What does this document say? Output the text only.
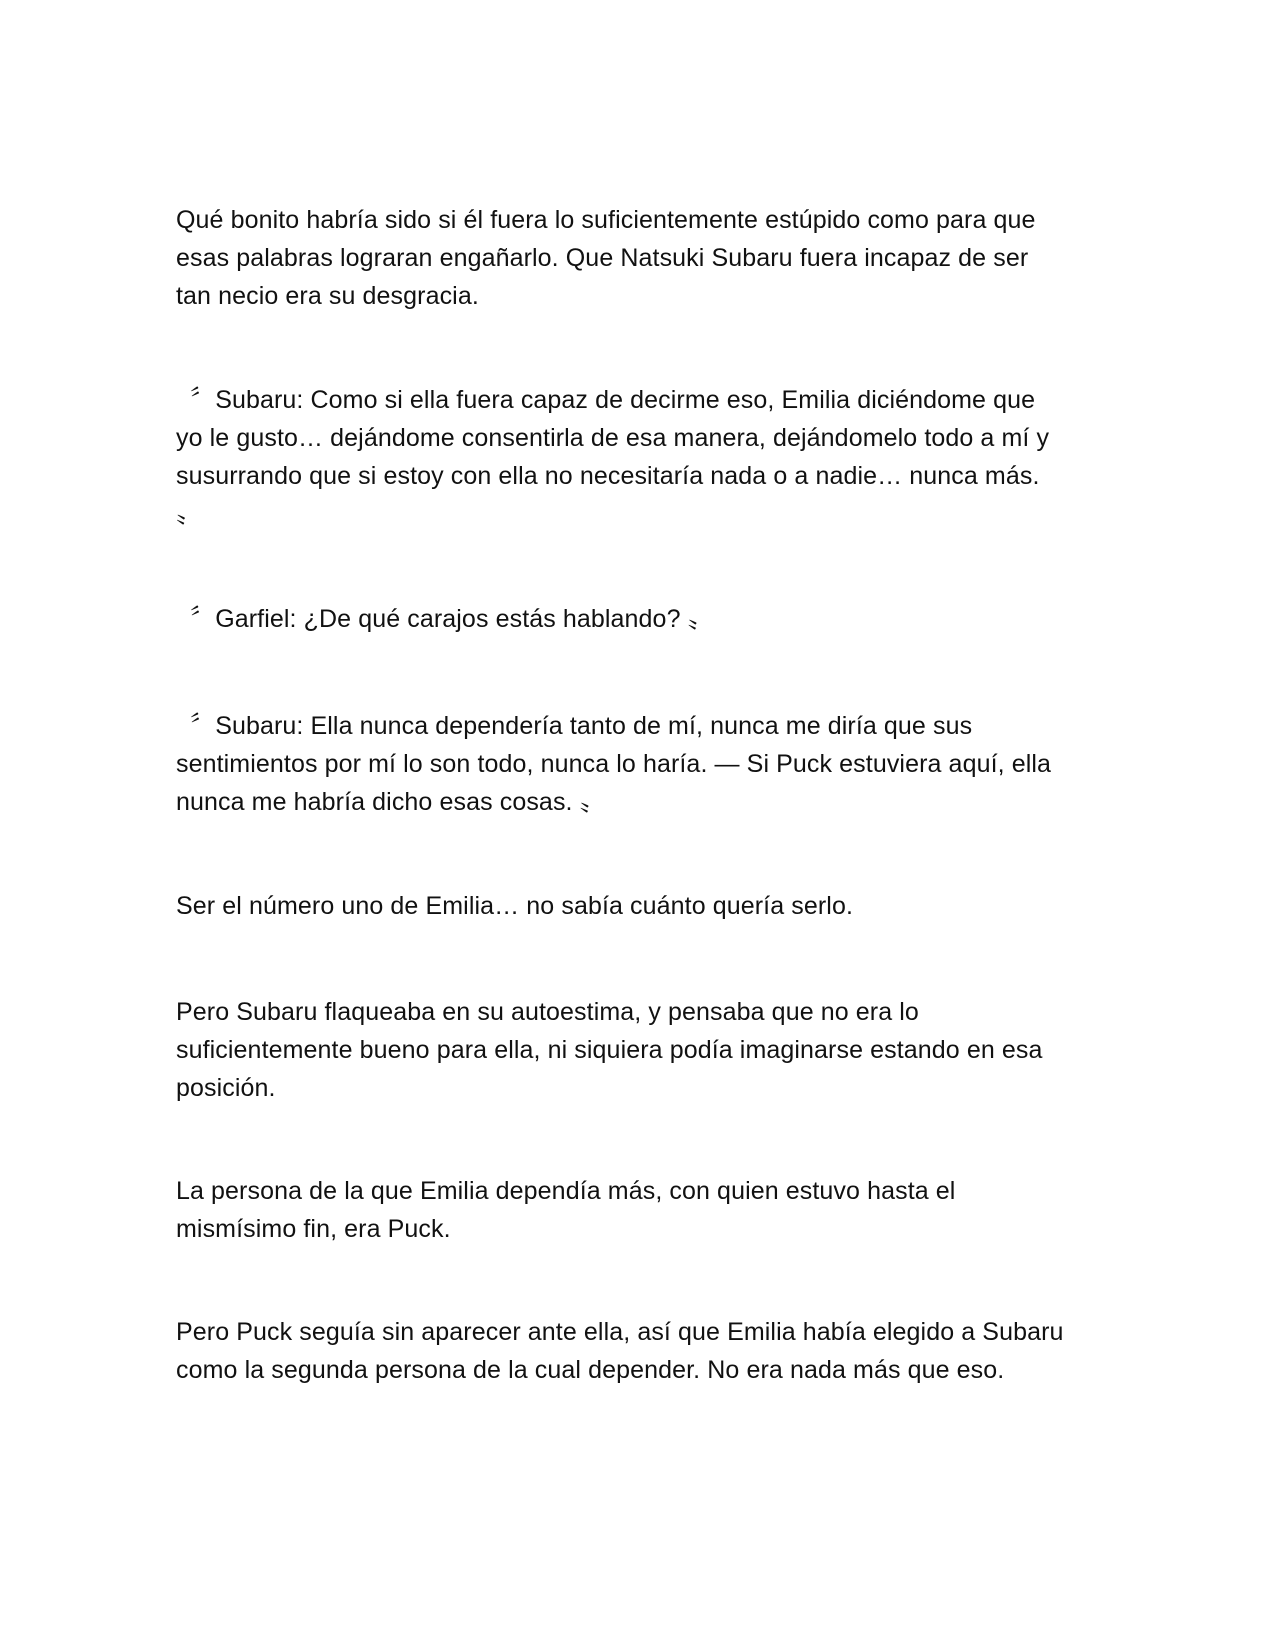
Qué bonito habría sido si él fuera lo suficientemente estúpido como para que
esas palabras lograran engañarlo. Que Natsuki Subaru fuera incapaz de ser
tan necio era su desgracia.

〞Subaru: Como si ella fuera capaz de decirme eso, Emilia diciéndome que
yo le gusto… dejándome consentirla de esa manera, dejándomelo todo a mí y
susurrando que si estoy con ella no necesitaría nada o a nadie… nunca más.
〟

〞Garfiel: ¿De qué carajos estás hablando? 〟

〞Subaru: Ella nunca dependería tanto de mí, nunca me diría que sus
sentimientos por mí lo son todo, nunca lo haría. — Si Puck estuviera aquí, ella
nunca me habría dicho esas cosas. 〟

Ser el número uno de Emilia… no sabía cuánto quería serlo.

Pero Subaru flaqueaba en su autoestima, y pensaba que no era lo
suficientemente bueno para ella, ni siquiera podía imaginarse estando en esa
posición.

La persona de la que Emilia dependía más, con quien estuvo hasta el
mismísimo fin, era Puck.

Pero Puck seguía sin aparecer ante ella, así que Emilia había elegido a Subaru
como la segunda persona de la cual depender. No era nada más que eso.
